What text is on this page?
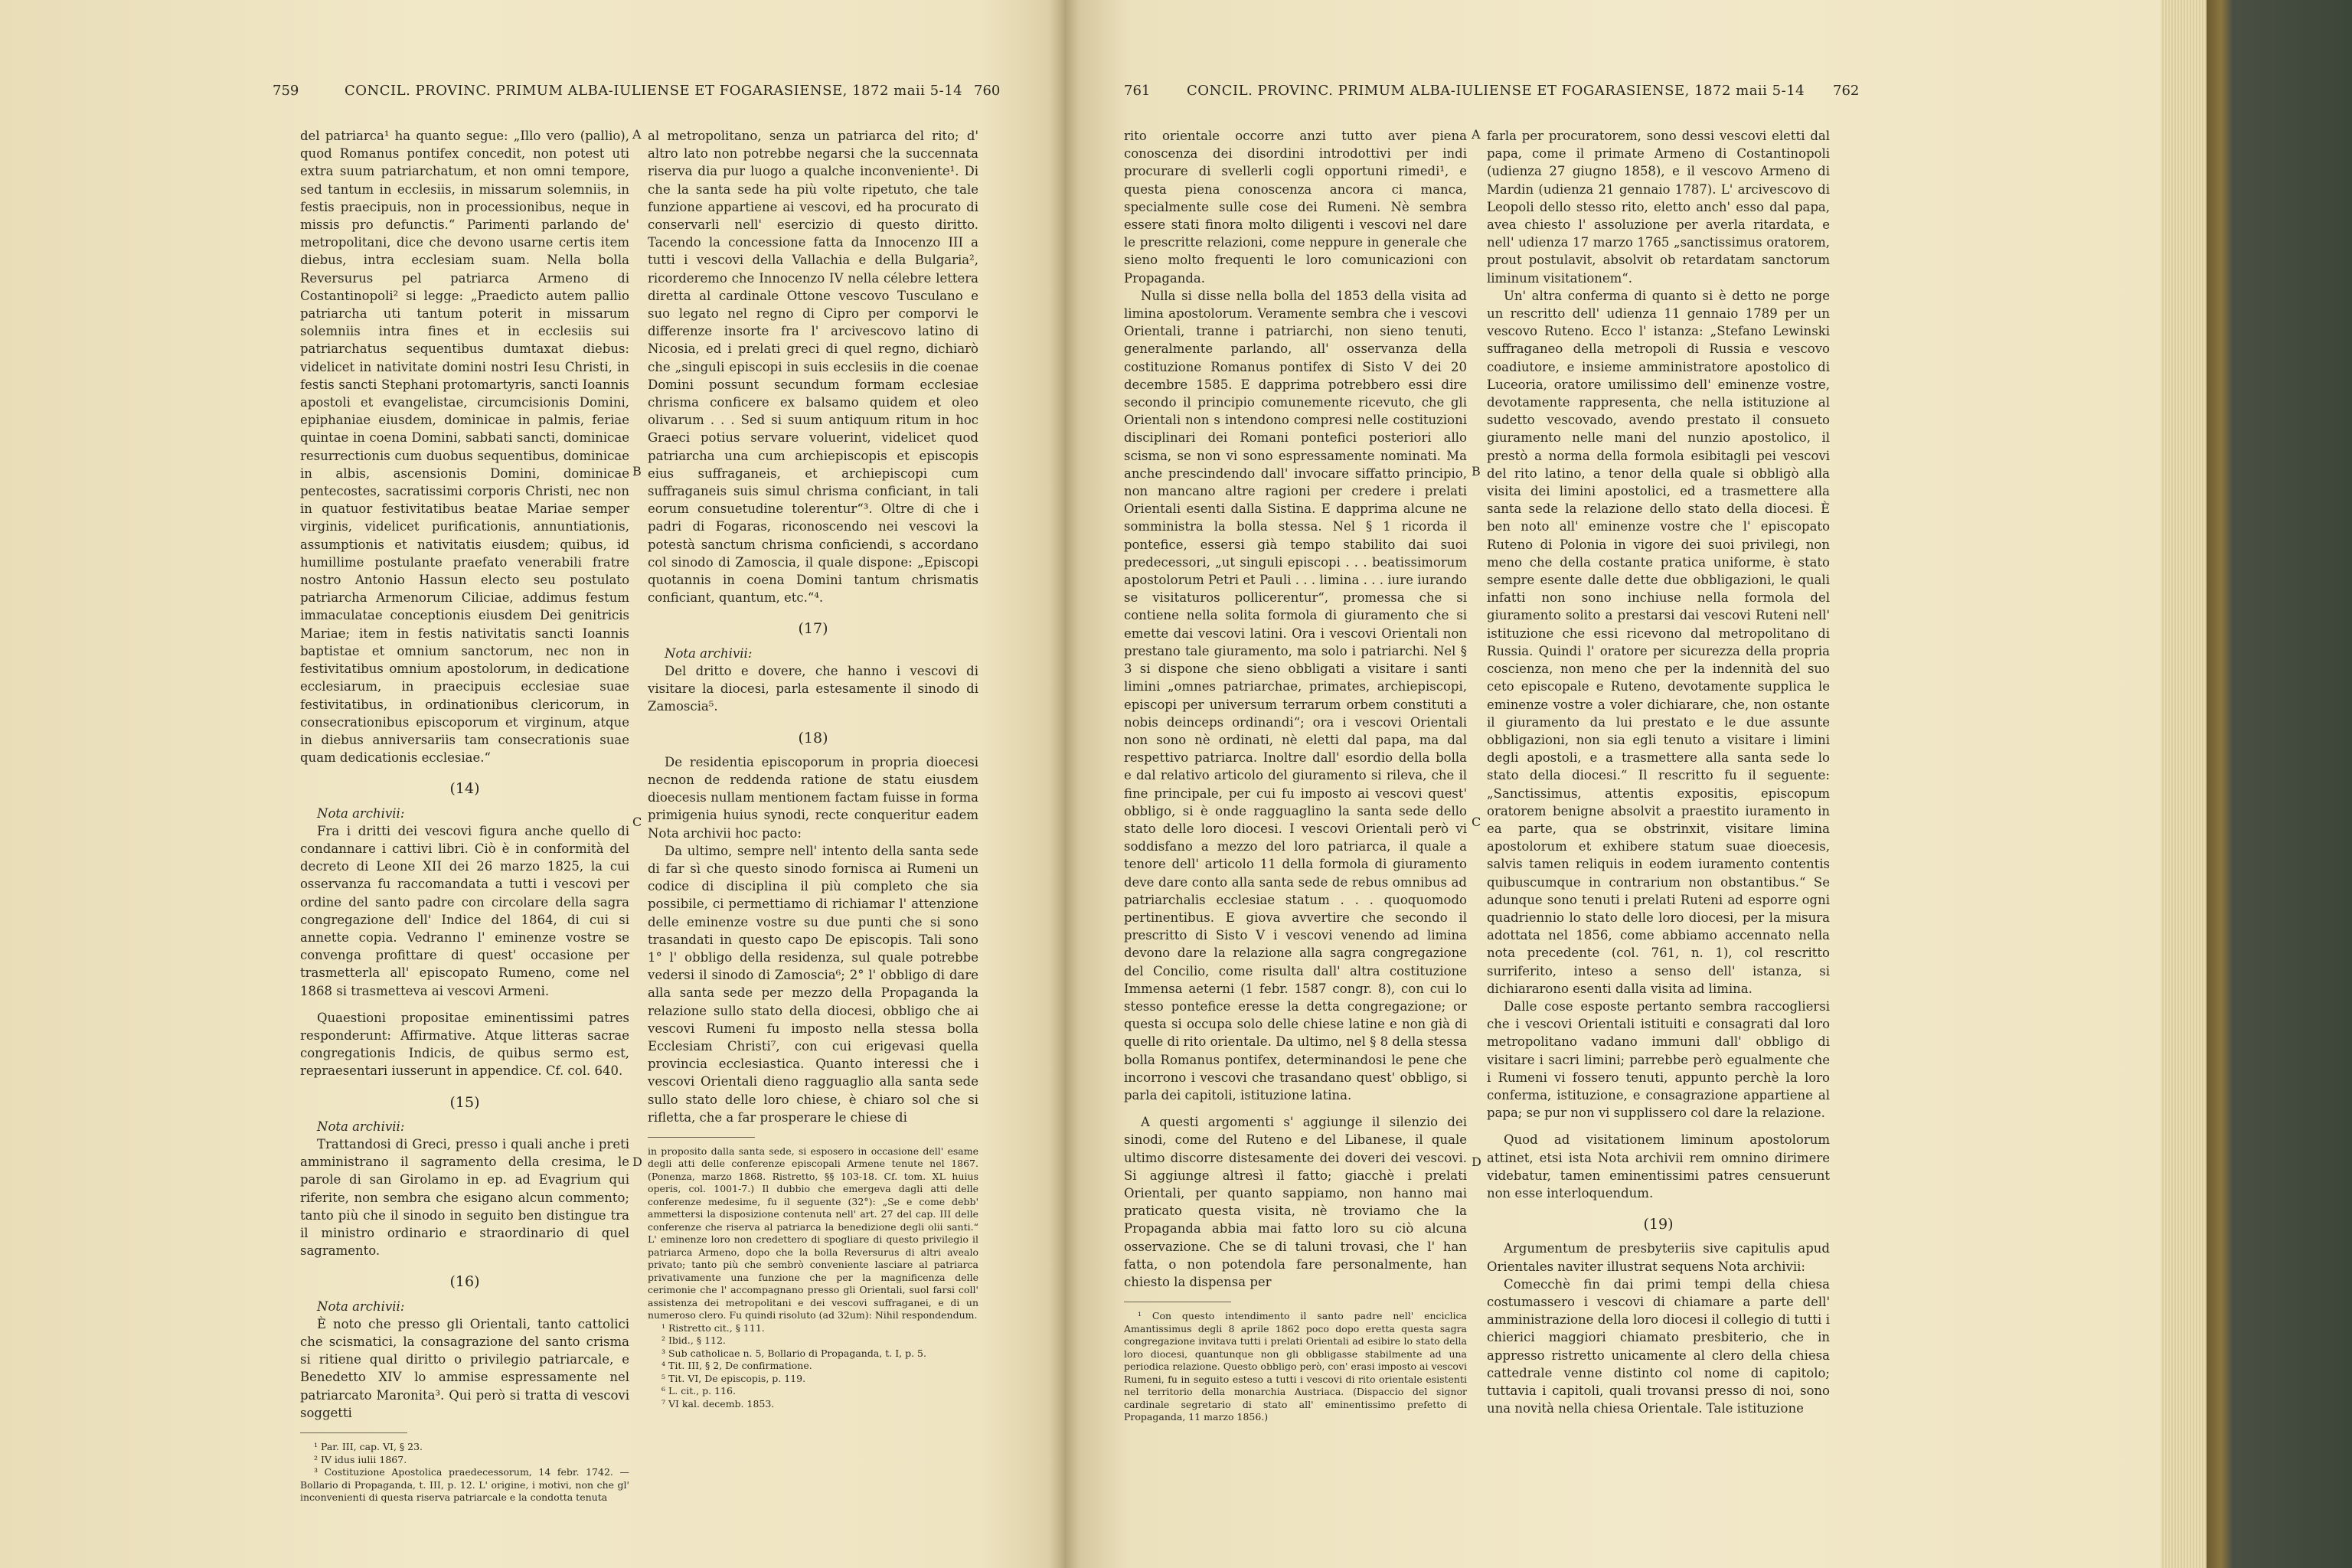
759	CONCIL. PROVINC. PRIMUM ALBA-IULIENSE ET FOGARASIENSE, 1872 maii 5-14 760

del patriarca¹ ha quanto segue: „Illo vero (pallio), quod Romanus pontifex concedit, non potest uti extra suum patriarchatum, et non omni tempore, sed tantum in ecclesiis, in missarum solemniis, in festis praecipuis, non in processionibus, neque in missis pro defunctis.“ Parimenti parlando de' metropolitani, dice che devono usarne certis item diebus, intra ecclesiam suam. Nella bolla Reversurus pel patriarca Armeno di Costantinopoli² si legge: „Praedicto autem pallio patriarcha uti tantum poterit in missarum solemniis intra fines et in ecclesiis sui patriarchatus sequentibus dumtaxat diebus: videlicet in nativitate domini nostri Iesu Christi, in festis sancti Stephani protomartyris, sancti Ioannis apostoli et evangelistae, circumcisionis Domini, epiphaniae eiusdem, dominicae in palmis, feriae quintae in coena Domini, sabbati sancti, dominicae resurrectionis cum duobus sequentibus, dominicae in albis, ascensionis Domini, dominicae pentecostes, sacratissimi corporis Christi, nec non in quatuor festivitatibus beatae Mariae semper virginis, videlicet purificationis, annuntiationis, assumptionis et nativitatis eiusdem; quibus, id humillime postulante praefato venerabili fratre nostro Antonio Hassun electo seu postulato patriarcha Armenorum Ciliciae, addimus festum immaculatae conceptionis eiusdem Dei genitricis Mariae; item in festis nativitatis sancti Ioannis baptistae et omnium sanctorum, nec non in festivitatibus omnium apostolorum, in dedicatione ecclesiarum, in praecipuis ecclesiae suae festivitatibus, in ordinationibus clericorum, in consecrationibus episcoporum et virginum, atque in diebus anniversariis tam consecrationis suae quam dedicationis ecclesiae.“

(14)

Nota archivii:

Fra i dritti dei vescovi figura anche quello di condannare i cattivi libri. Ciò è in conformità del decreto di Leone XII dei 26 marzo 1825, la cui osservanza fu raccomandata a tutti i vescovi per ordine del santo padre con circolare della sagra congregazione dell' Indice del 1864, di cui si annette copia. Vedranno l' eminenze vostre se convenga profittare di quest' occasione per trasmetterla all' episcopato Rumeno, come nel 1868 si trasmetteva ai vescovi Armeni.

Quaestioni propositae eminentissimi patres responderunt: Affirmative. Atque litteras sacrae congregationis Indicis, de quibus sermo est, repraesentari iusserunt in appendice. Cf. col. 640.

(15)

Nota archivii:

Trattandosi di Greci, presso i quali anche i preti amministrano il sagramento della cresima, le parole di san Girolamo in ep. ad Evagrium qui riferite, non sembra che esigano alcun commento; tanto più che il sinodo in seguito ben distingue tra il ministro ordinario e straordinario di quel sagramento.

(16)

Nota archivii:

È noto che presso gli Orientali, tanto cattolici che scismatici, la consagrazione del santo crisma si ritiene qual diritto o privilegio patriarcale, e Benedetto XIV lo ammise espressamente nel patriarcato Maronita³. Qui però si tratta di vescovi soggetti

¹ Par. III, cap. VI, § 23.

² IV idus iulii 1867.

³ Costituzione Apostolica praedecessorum, 14 febr. 1742. — Bollario di Propaganda, t. III, p. 12. L' origine, i motivi, non che gl' inconvenienti di questa riserva patriarcale e la condotta tenuta

A
B
C
D

al metropolitano, senza un patriarca del rito; d' altro lato non potrebbe negarsi che la succennata riserva dia pur luogo a qualche inconveniente¹. Di che la santa sede ha più volte ripetuto, che tale funzione appartiene ai vescovi, ed ha procurato di conservarli nell' esercizio di questo diritto. Tacendo la concessione fatta da Innocenzo III a tutti i vescovi della Vallachia e della Bulgaria², ricorderemo che Innocenzo IV nella célebre lettera diretta al cardinale Ottone vescovo Tusculano e suo legato nel regno di Cipro per comporvi le differenze insorte fra l' arcivescovo latino di Nicosia, ed i prelati greci di quel regno, dichiarò che „singuli episcopi in suis ecclesiis in die coenae Domini possunt secundum formam ecclesiae chrisma conficere ex balsamo quidem et oleo olivarum . . . Sed si suum antiquum ritum in hoc Graeci potius servare voluerint, videlicet quod patriarcha una cum archiepiscopis et episcopis eius suffraganeis, et archiepiscopi cum suffraganeis suis simul chrisma conficiant, in tali eorum consuetudine tolerentur“³. Oltre di che i padri di Fogaras, riconoscendo nei vescovi la potestà sanctum chrisma conficiendi, s accordano col sinodo di Zamoscia, il quale dispone: „Episcopi quotannis in coena Domini tantum chrismatis conficiant, quantum, etc.“⁴.

(17)

Nota archivii:

Del dritto e dovere, che hanno i vescovi di visitare la diocesi, parla estesamente il sinodo di Zamoscia⁵.

(18)

De residentia episcoporum in propria dioecesi necnon de reddenda ratione de statu eiusdem dioecesis nullam mentionem factam fuisse in forma primigenia huius synodi, recte conqueritur eadem Nota archivii hoc pacto:

Da ultimo, sempre nell' intento della santa sede di far sì che questo sinodo fornisca ai Rumeni un codice di disciplina il più completo che sia possibile, ci permettiamo di richiamar l' attenzione delle eminenze vostre su due punti che si sono trasandati in questo capo De episcopis. Tali sono 1° l' obbligo della residenza, sul quale potrebbe vedersi il sinodo di Zamoscia⁶; 2° l' obbligo di dare alla santa sede per mezzo della Propaganda la relazione sullo stato della diocesi, obbligo che ai vescovi Rumeni fu imposto nella stessa bolla Ecclesiam Christi⁷, con cui erigevasi quella provincia ecclesiastica. Quanto interessi che i vescovi Orientali dieno ragguaglio alla santa sede sullo stato delle loro chiese, è chiaro sol che si rifletta, che a far prosperare le chiese di

in proposito dalla santa sede, si esposero in occasione dell' esame degli atti delle conferenze episcopali Armene tenute nel 1867. (Ponenza, marzo 1868. Ristretto, §§ 103-18. Cf. tom. XL huius operis, col. 1001-7.) Il dubbio che emergeva dagli atti delle conferenze medesime, fu il seguente (32°): „Se e come debb' ammettersi la disposizione contenuta nell' art. 27 del cap. III delle conferenze che riserva al patriarca la benedizione degli olii santi.“ L' eminenze loro non credettero di spogliare di questo privilegio il patriarca Armeno, dopo che la bolla Reversurus di altri avealo privato; tanto più che sembrò conveniente lasciare al patriarca privativamente una funzione che per la magnificenza delle cerimonie che l' accompagnano presso gli Orientali, suol farsi coll' assistenza dei metropolitani e dei vescovi suffraganei, e di un numeroso clero. Fu quindi risoluto (ad 32um): Nihil respondendum.

¹ Ristretto cit., § 111.

² Ibid., § 112.

³ Sub catholicae n. 5, Bollario di Propaganda, t. I, p. 5.

⁴ Tit. III, § 2, De confirmatione.

⁵ Tit. VI, De episcopis, p. 119.

⁶ L. cit., p. 116.

⁷ VI kal. decemb. 1853.

761	CONCIL. PROVINC. PRIMUM ALBA-IULIENSE ET FOGARASIENSE, 1872 maii 5-14 762

rito orientale occorre anzi tutto aver piena conoscenza dei disordini introdottivi per indi procurare di svellerli cogli opportuni rimedi¹, e questa piena conoscenza ancora ci manca, specialmente sulle cose dei Rumeni. Nè sembra essere stati finora molto diligenti i vescovi nel dare le prescritte relazioni, come neppure in generale che sieno molto frequenti le loro comunicazioni con Propaganda.

Nulla si disse nella bolla del 1853 della visita ad limina apostolorum. Veramente sembra che i vescovi Orientali, tranne i patriarchi, non sieno tenuti, generalmente parlando, all' osservanza della costituzione Romanus pontifex di Sisto V dei 20 decembre 1585. E dapprima potrebbero essi dire secondo il principio comunemente ricevuto, che gli Orientali non s intendono compresi nelle costituzioni disciplinari dei Romani pontefici posteriori allo scisma, se non vi sono espressamente nominati. Ma anche prescindendo dall' invocare siffatto principio, non mancano altre ragioni per credere i prelati Orientali esenti dalla Sistina. E dapprima alcune ne somministra la bolla stessa. Nel § 1 ricorda il pontefice, essersi già tempo stabilito dai suoi predecessori, „ut singuli episcopi . . . beatissimorum apostolorum Petri et Pauli . . . limina . . . iure iurando se visitaturos pollicerentur“, promessa che si contiene nella solita formola di giuramento che si emette dai vescovi latini. Ora i vescovi Orientali non prestano tale giuramento, ma solo i patriarchi. Nel § 3 si dispone che sieno obbligati a visitare i santi limini „omnes patriarchae, primates, archiepiscopi, episcopi per universum terrarum orbem constituti a nobis deinceps ordinandi“; ora i vescovi Orientali non sono nè ordinati, nè eletti dal papa, ma dal respettivo patriarca. Inoltre dall' esordio della bolla e dal relativo articolo del giuramento si rileva, che il fine principale, per cui fu imposto ai vescovi quest' obbligo, si è onde ragguaglino la santa sede dello stato delle loro diocesi. I vescovi Orientali però vi soddisfano a mezzo del loro patriarca, il quale a tenore dell' articolo 11 della formola di giuramento deve dare conto alla santa sede de rebus omnibus ad patriarchalis ecclesiae statum . . . quoquomodo pertinentibus. E giova avvertire che secondo il prescritto di Sisto V i vescovi venendo ad limina devono dare la relazione alla sagra congregazione del Concilio, come risulta dall' altra costituzione Immensa aeterni (1 febr. 1587 congr. 8), con cui lo stesso pontefice eresse la detta congregazione; or questa si occupa solo delle chiese latine e non già di quelle di rito orientale. Da ultimo, nel § 8 della stessa bolla Romanus pontifex, determinandosi le pene che incorrono i vescovi che trasandano quest' obbligo, si parla dei capitoli, istituzione latina.

A questi argomenti s' aggiunge il silenzio dei sinodi, come del Ruteno e del Libanese, il quale ultimo discorre distesamente dei doveri dei vescovi. Si aggiunge altresì il fatto; giacchè i prelati Orientali, per quanto sappiamo, non hanno mai praticato questa visita, nè troviamo che la Propaganda abbia mai fatto loro su ciò alcuna osservazione. Che se di taluni trovasi, che l' han fatta, o non potendola fare personalmente, han chiesto la dispensa per

¹ Con questo intendimento il santo padre nell' enciclica Amantissimus degli 8 aprile 1862 poco dopo eretta questa sagra congregazione invitava tutti i prelati Orientali ad esibire lo stato della loro diocesi, quantunque non gli obbligasse stabilmente ad una periodica relazione. Questo obbligo però, con' erasi imposto ai vescovi Rumeni, fu in seguito esteso a tutti i vescovi di rito orientale esistenti nel territorio della monarchia Austriaca. (Dispaccio del signor cardinale segretario di stato all' eminentissimo prefetto di Propaganda, 11 marzo 1856.)

A
B
C
D

farla per procuratorem, sono dessi vescovi eletti dal papa, come il primate Armeno di Costantinopoli (udienza 27 giugno 1858), e il vescovo Armeno di Mardin (udienza 21 gennaio 1787). L' arcivescovo di Leopoli dello stesso rito, eletto anch' esso dal papa, avea chiesto l' assoluzione per averla ritardata, e nell' udienza 17 marzo 1765 „sanctissimus oratorem, prout postulavit, absolvit ob retardatam sanctorum liminum visitationem“.

Un' altra conferma di quanto si è detto ne porge un rescritto dell' udienza 11 gennaio 1789 per un vescovo Ruteno. Ecco l' istanza: „Stefano Lewinski suffraganeo della metropoli di Russia e vescovo coadiutore, e insieme amministratore apostolico di Luceoria, oratore umilissimo dell' eminenze vostre, devotamente rappresenta, che nella istituzione al sudetto vescovado, avendo prestato il consueto giuramento nelle mani del nunzio apostolico, il prestò a norma della formola esibitagli pei vescovi del rito latino, a tenor della quale si obbligò alla visita dei limini apostolici, ed a trasmettere alla santa sede la relazione dello stato della diocesi. È ben noto all' eminenze vostre che l' episcopato Ruteno di Polonia in vigore dei suoi privilegi, non meno che della costante pratica uniforme, è stato sempre esente dalle dette due obbligazioni, le quali infatti non sono inchiuse nella formola del giuramento solito a prestarsi dai vescovi Ruteni nell' istituzione che essi ricevono dal metropolitano di Russia. Quindi l' oratore per sicurezza della propria coscienza, non meno che per la indennità del suo ceto episcopale e Ruteno, devotamente supplica le eminenze vostre a voler dichiarare, che, non ostante il giuramento da lui prestato e le due assunte obbligazioni, non sia egli tenuto a visitare i limini degli apostoli, e a trasmettere alla santa sede lo stato della diocesi.“ Il rescritto fu il seguente: „Sanctissimus, attentis expositis, episcopum oratorem benigne absolvit a praestito iuramento in ea parte, qua se obstrinxit, visitare limina apostolorum et exhibere statum suae dioecesis, salvis tamen reliquis in eodem iuramento contentis quibuscumque in contrarium non obstantibus.“ Se adunque sono tenuti i prelati Ruteni ad esporre ogni quadriennio lo stato delle loro diocesi, per la misura adottata nel 1856, come abbiamo accennato nella nota precedente (col. 761, n. 1), col rescritto surriferito, inteso a senso dell' istanza, si dichiararono esenti dalla visita ad limina.

Dalle cose esposte pertanto sembra raccogliersi che i vescovi Orientali istituiti e consagrati dal loro metropolitano vadano immuni dall' obbligo di visitare i sacri limini; parrebbe però egualmente che i Rumeni vi fossero tenuti, appunto perchè la loro conferma, istituzione, e consagrazione appartiene al papa; se pur non vi supplissero col dare la relazione.

Quod ad visitationem liminum apostolorum attinet, etsi ista Nota archivii rem omnino dirimere videbatur, tamen eminentissimi patres censuerunt non esse interloquendum.

(19)

Argumentum de presbyteriis sive capitulis apud Orientales naviter illustrat sequens Nota archivii:

Comecchè fin dai primi tempi della chiesa costumassero i vescovi di chiamare a parte dell' amministrazione della loro diocesi il collegio di tutti i chierici maggiori chiamato presbiterio, che in appresso ristretto unicamente al clero della chiesa cattedrale venne distinto col nome di capitolo; tuttavia i capitoli, quali trovansi presso di noi, sono una novità nella chiesa Orientale. Tale istituzione
